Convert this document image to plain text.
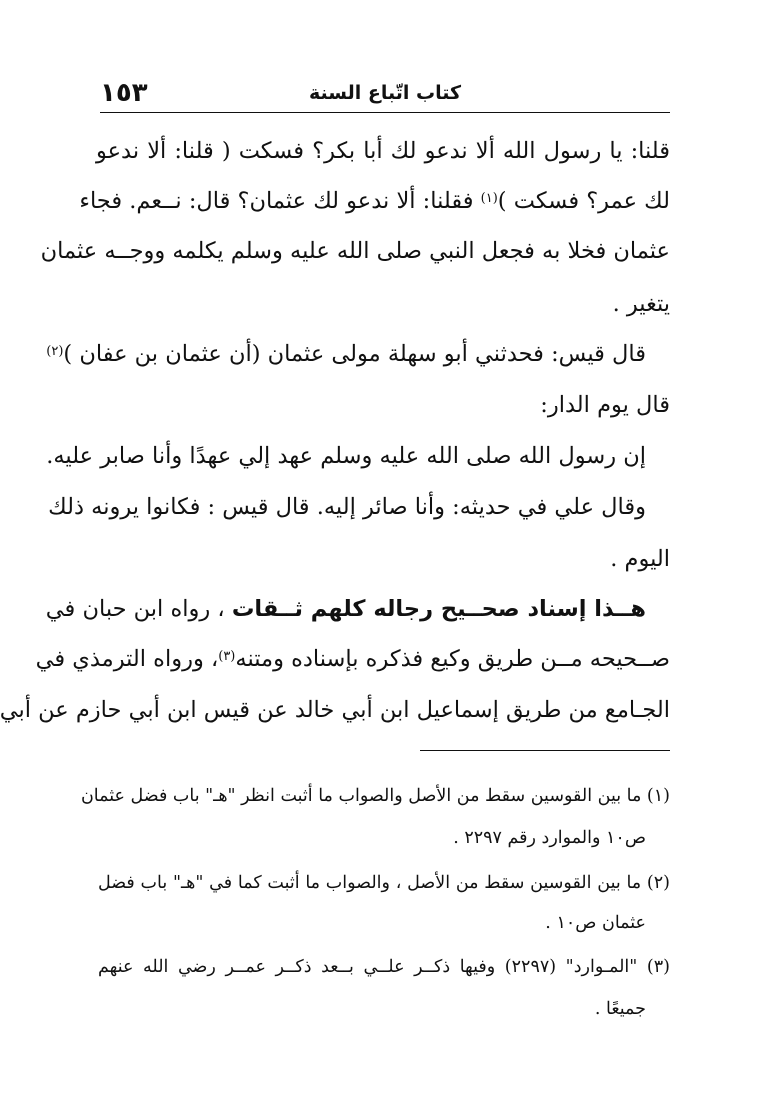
كتاب اتّباع السنة
١٥٣
قلنا: يا رسول الله ألا ندعو لك أبا بكر؟ فسكت ( قلنا: ألا ندعو
لك عمر؟ فسكت )$^{(١)}$ فقلنا: ألا ندعو لك عثمان؟ قال: نــعم. فجاء
عثمان فخلا به فجعل النبي صلى الله عليه وسلم يكلمه ووجــه عثمان
يتغير .
قال قيس: فحدثني أبو سهلة مولى عثمان (أن عثمان بن عفان )$^{(٢)}$
قال يوم الدار:
إن رسول الله صلى الله عليه وسلم عهد إلي عهدًا وأنا صابر عليه.
وقال علي في حديثه: وأنا صائر إليه. قال قيس : فكانوا يرونه ذلك
اليوم .
هــذا إسناد صحــيح رجاله كلهم ثــقات ، رواه ابن حبان في
صــحيحه مــن طريق وكيع فذكره بإسناده ومتنه$^{(٣)}$، ورواه الترمذي في
الجـامع من طريق إسماعيل ابن أبي خالد عن قيس ابن أبي حازم عن أبي
(١) ما بين القوسين سقط من الأصل والصواب ما أثبت انظر "هـ" باب فضل عثمان
ص١٠ والموارد رقم ٢٢٩٧ .
(٢) ما بين القوسين سقط من الأصل ، والصواب ما أثبت كما في "هـ" باب فضل
عثمان ص١٠ .
(٣) "المـوارد" (٢٢٩٧) وفيها ذكــر علــي بــعد ذكــر عمــر رضي الله عنهم
جميعًا .
